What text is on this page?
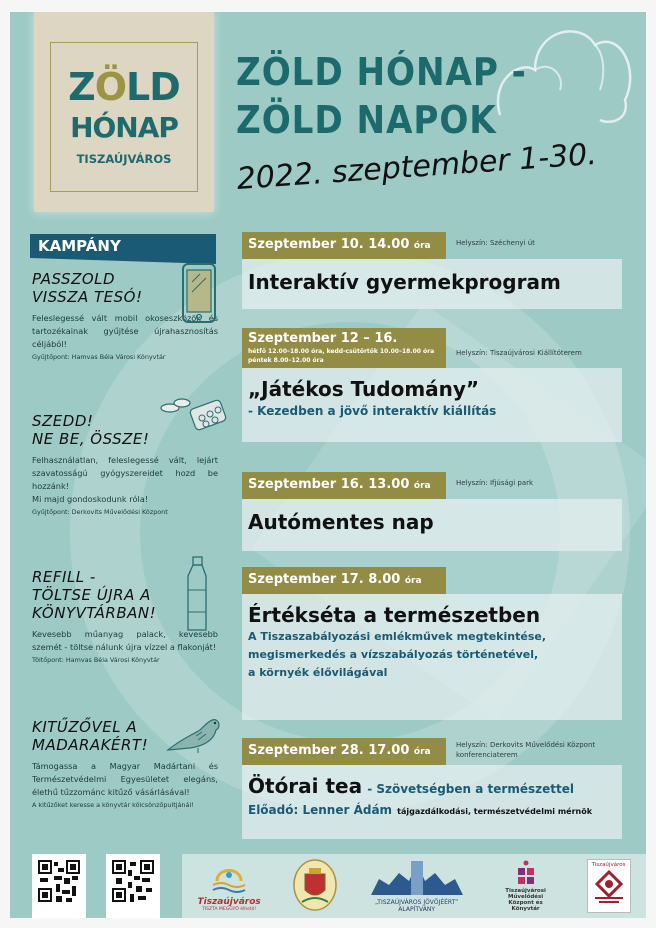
ZÖLD
HÓNAP
TISZAÚJVÁROS
ZÖLD HÓNAP -
ZÖLD NAPOK
2022. szeptember 1-30.
KAMPÁNY
PASSZOLD
VISSZA TESÓ!
Feleslegessé vált mobil okoseszközök és tartozékainak gyűjtése újrahasznosítás céljából!
Gyűjtőpont: Hamvas Béla Városi Könyvtár
SZEDD!
NE BE, ÖSSZE!
Felhasználatlan, feleslegessé vált, lejárt szavatosságú gyógyszereidet hozd be hozzánk!
Mi majd gondoskodunk róla!
Gyűjtőpont: Derkovits Művelődési Központ
REFILL -
TÖLTSE ÚJRA A
KÖNYVTÁRBAN!
Kevesebb műanyag palack, kevesebb szemét - töltse nálunk újra vízzel a flakonját!
Töltőpont: Hamvas Béla Városi Könyvtár
KITŰZŐVEL A
MADARAKÉRT!
Támogassa a Magyar Madártani és Természetvédelmi Egyesületet elegáns, élethű tűzzománc kitűző vásárlásával!
A kitűzőket keresse a könyvtár kölcsönzőpultjánál!
Szeptember 10. 14.00 óra	Helyszín: Széchenyi út
Interaktív gyermekprogram
Szeptember 12 – 16.
hétfő 12.00–18.00 óra, kedd-csütörtök 10.00–18.00 óra
péntek 8.00–12.00 óra
Helyszín: Tiszaújvárosi Kiállítóterem
„Játékos Tudomány”
- Kezedben a jövő interaktív kiállítás
Szeptember 16. 13.00 óra	Helyszín: Ifjúsági park
Autómentes nap
Szeptember 17. 8.00 óra
Értékséta a természetben
A Tiszaszabályozási emlékművek megtekintése,
megismerkedés a vízszabályozás történetével,
a környék élővilágával
Szeptember 28. 17.00 óra
Helyszín: Derkovits Művelődési Központ
konferenciaterem
Ötórai tea - Szövetségben a természettel
Előadó: Lenner Ádám tájgazdálkodási, természetvédelmi mérnök
Tiszaújváros
TISZTA MEGGYŐ élhető!
„TISZAÚJVÁROS JÖVŐJÉÉRT”
ALAPÍTVÁNY
Tiszaújvárosi
Művelődési Központ és Könyvtár
Tiszaújváros
